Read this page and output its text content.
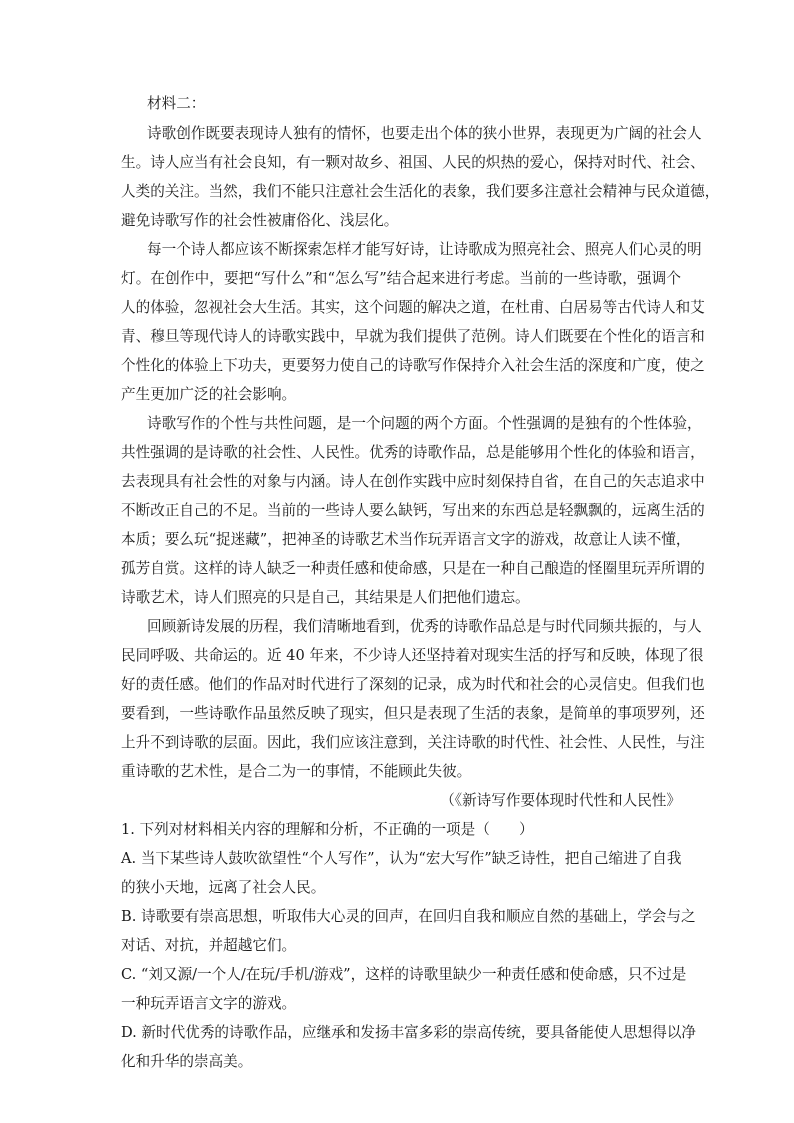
材料二：
诗歌创作既要表现诗人独有的情怀，也要走出个体的狭小世界，表现更为广阔的社会人
生。诗人应当有社会良知，有一颗对故乡、祖国、人民的炽热的爱心，保持对时代、社会、
人类的关注。当然，我们不能只注意社会生活化的表象，我们要多注意社会精神与民众道德，
避免诗歌写作的社会性被庸俗化、浅层化。
每一个诗人都应该不断探索怎样才能写好诗，让诗歌成为照亮社会、照亮人们心灵的明
灯。在创作中，要把“写什么”和“怎么写”结合起来进行考虑。当前的一些诗歌，强调个
人的体验，忽视社会大生活。其实，这个问题的解决之道，在杜甫、白居易等古代诗人和艾
青、穆旦等现代诗人的诗歌实践中，早就为我们提供了范例。诗人们既要在个性化的语言和
个性化的体验上下功夫，更要努力使自己的诗歌写作保持介入社会生活的深度和广度，使之
产生更加广泛的社会影响。
诗歌写作的个性与共性问题，是一个问题的两个方面。个性强调的是独有的个性体验，
共性强调的是诗歌的社会性、人民性。优秀的诗歌作品，总是能够用个性化的体验和语言，
去表现具有社会性的对象与内涵。诗人在创作实践中应时刻保持自省，在自己的矢志追求中
不断改正自己的不足。当前的一些诗人要么缺钙，写出来的东西总是轻飘飘的，远离生活的
本质；要么玩“捉迷藏”，把神圣的诗歌艺术当作玩弄语言文字的游戏，故意让人读不懂，
孤芳自赏。这样的诗人缺乏一种责任感和使命感，只是在一种自己酿造的怪圈里玩弄所谓的
诗歌艺术，诗人们照亮的只是自己，其结果是人们把他们遗忘。
回顾新诗发展的历程，我们清晰地看到，优秀的诗歌作品总是与时代同频共振的，与人
民同呼吸、共命运的。近 40 年来，不少诗人还坚持着对现实生活的抒写和反映，体现了很
好的责任感。他们的作品对时代进行了深刻的记录，成为时代和社会的心灵信史。但我们也
要看到，一些诗歌作品虽然反映了现实，但只是表现了生活的表象，是简单的事项罗列，还
上升不到诗歌的层面。因此，我们应该注意到，关注诗歌的时代性、社会性、人民性，与注
重诗歌的艺术性，是合二为一的事情，不能顾此失彼。
（《新诗写作要体现时代性和人民性》
1. 下列对材料相关内容的理解和分析，不正确的一项是（　　）
A. 当下某些诗人鼓吹欲望性“个人写作”，认为“宏大写作”缺乏诗性，把自己缩进了自我
的狭小天地，远离了社会人民。
B. 诗歌要有崇高思想，听取伟大心灵的回声，在回归自我和顺应自然的基础上，学会与之
对话、对抗，并超越它们。
C. “刘又源/一个人/在玩/手机/游戏”，这样的诗歌里缺少一种责任感和使命感，只不过是
一种玩弄语言文字的游戏。
D. 新时代优秀的诗歌作品，应继承和发扬丰富多彩的崇高传统，要具备能使人思想得以净
化和升华的崇高美。
